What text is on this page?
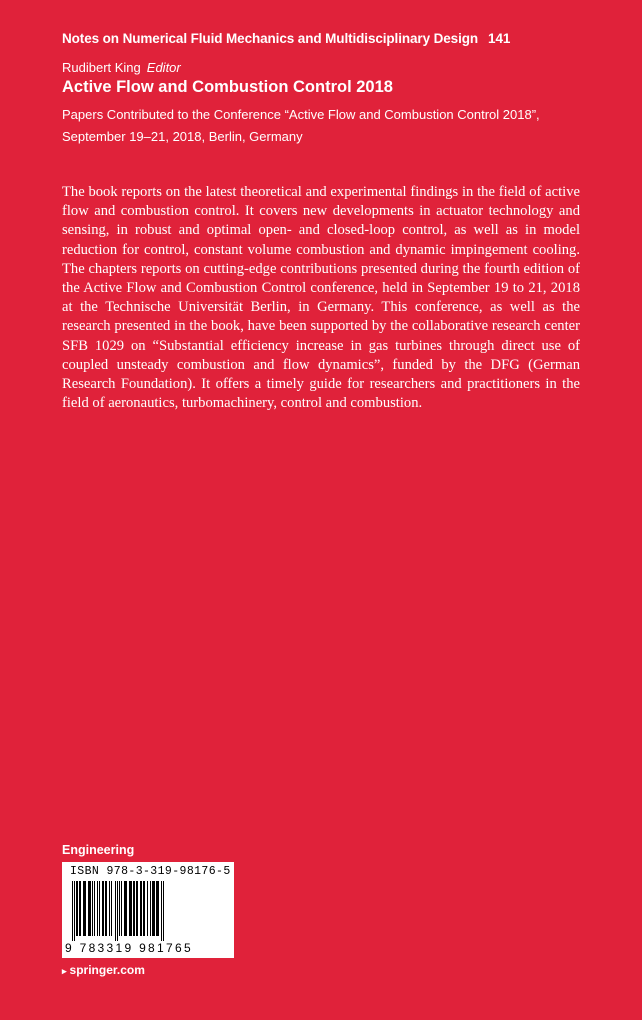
Notes on Numerical Fluid Mechanics and Multidisciplinary Design 141
Rudibert King Editor
Active Flow and Combustion Control 2018
Papers Contributed to the Conference “Active Flow and Combustion Control 2018”, September 19–21, 2018, Berlin, Germany
The book reports on the latest theoretical and experimental findings in the field of active flow and combustion control. It covers new developments in actuator technology and sensing, in robust and optimal open- and closed-loop control, as well as in model reduction for control, constant volume combustion and dynamic impingement cooling. The chapters reports on cutting-edge contributions presented during the fourth edition of the Active Flow and Combustion Control conference, held in September 19 to 21, 2018 at the Technische Universität Berlin, in Germany. This conference, as well as the research presented in the book, have been supported by the collaborative research center SFB 1029 on “Substantial efficiency increase in gas turbines through direct use of coupled unsteady combustion and flow dynamics”, funded by the DFG (German Research Foundation). It offers a timely guide for researchers and practitioners in the field of aeronautics, turbomachinery, control and combustion.
Engineering
ISBN 978-3-319-98176-5
9 783319 981765
▸ springer.com
